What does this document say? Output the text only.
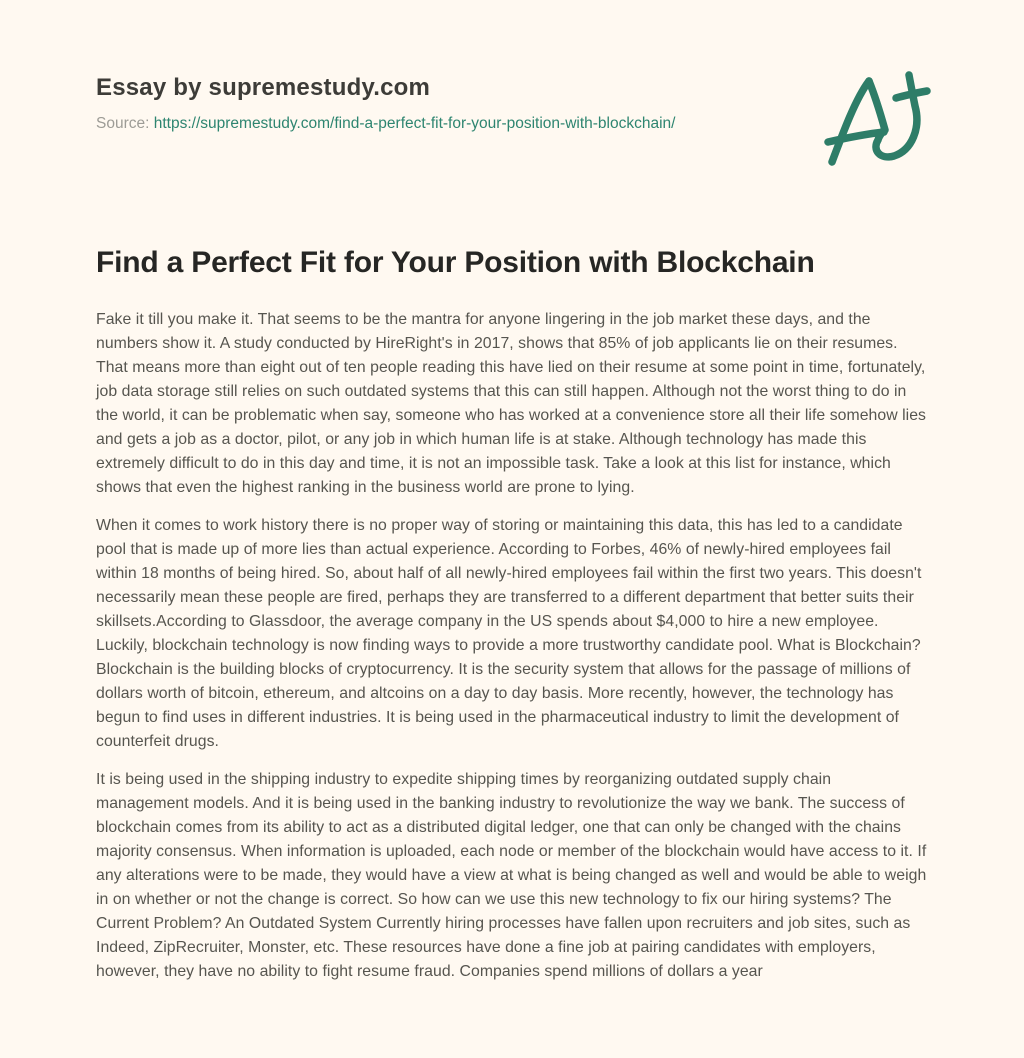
Essay by supremestudy.com
Source: https://supremestudy.com/find-a-perfect-fit-for-your-position-with-blockchain/
Find a Perfect Fit for Your Position with Blockchain

Fake it till you make it. That seems to be the mantra for anyone lingering in the job market these days, and the numbers show it. A study conducted by HireRight's in 2017, shows that 85% of job applicants lie on their resumes. That means more than eight out of ten people reading this have lied on their resume at some point in time, fortunately, job data storage still relies on such outdated systems that this can still happen. Although not the worst thing to do in the world, it can be problematic when say, someone who has worked at a convenience store all their life somehow lies and gets a job as a doctor, pilot, or any job in which human life is at stake. Although technology has made this extremely difficult to do in this day and time, it is not an impossible task. Take a look at this list for instance, which shows that even the highest ranking in the business world are prone to lying.

When it comes to work history there is no proper way of storing or maintaining this data, this has led to a candidate pool that is made up of more lies than actual experience. According to Forbes, 46% of newly-hired employees fail within 18 months of being hired. So, about half of all newly-hired employees fail within the first two years. This doesn't necessarily mean these people are fired, perhaps they are transferred to a different department that better suits their skillsets.According to Glassdoor, the average company in the US spends about $4,000 to hire a new employee. Luckily, blockchain technology is now finding ways to provide a more trustworthy candidate pool. What is Blockchain? Blockchain is the building blocks of cryptocurrency. It is the security system that allows for the passage of millions of dollars worth of bitcoin, ethereum, and altcoins on a day to day basis. More recently, however, the technology has begun to find uses in different industries. It is being used in the pharmaceutical industry to limit the development of counterfeit drugs.

It is being used in the shipping industry to expedite shipping times by reorganizing outdated supply chain management models. And it is being used in the banking industry to revolutionize the way we bank. The success of blockchain comes from its ability to act as a distributed digital ledger, one that can only be changed with the chains majority consensus. When information is uploaded, each node or member of the blockchain would have access to it. If any alterations were to be made, they would have a view at what is being changed as well and would be able to weigh in on whether or not the change is correct. So how can we use this new technology to fix our hiring systems? The Current Problem? An Outdated System Currently hiring processes have fallen upon recruiters and job sites, such as Indeed, ZipRecruiter, Monster, etc. These resources have done a fine job at pairing candidates with employers, however, they have no ability to fight resume fraud. Companies spend millions of dollars a year
